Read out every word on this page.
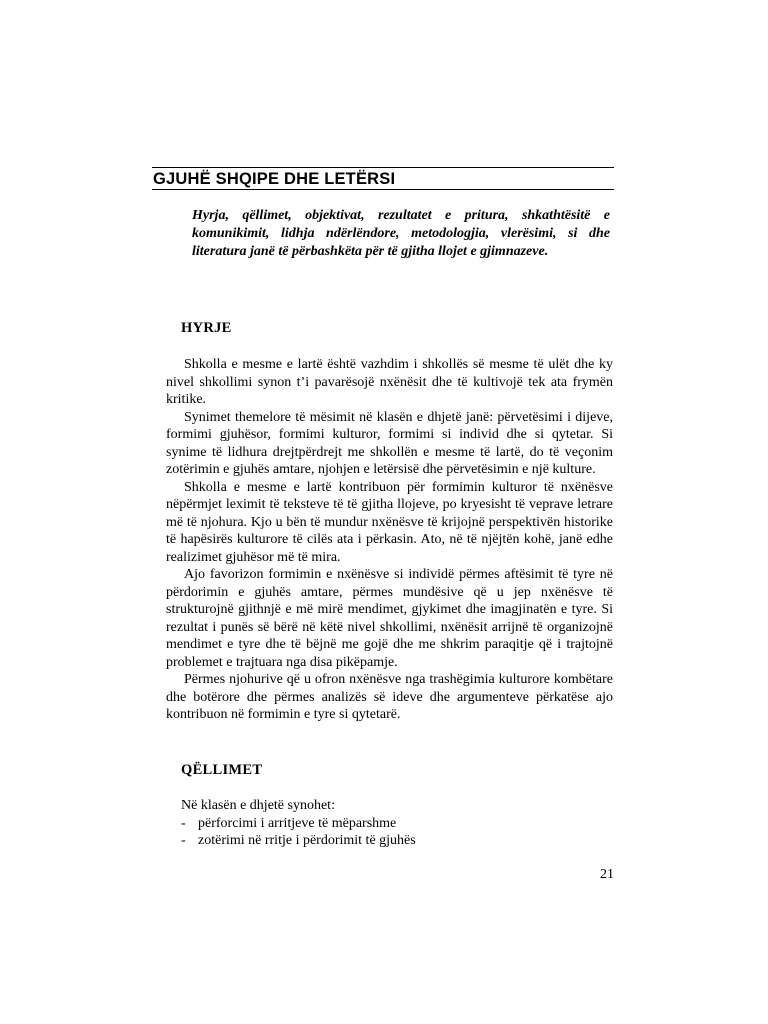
GJUHË SHQIPE DHE LETËRSI
Hyrja, qëllimet, objektivat, rezultatet e pritura, shkathtësitë e komunikimit, lidhja ndërlëndore, metodologjia, vlerësimi, si dhe literatura janë të përbashkëta për të gjitha llojet e gjimnazeve.
HYRJE

Shkolla e mesme e lartë është vazhdim i shkollës së mesme të ulët dhe ky nivel shkollimi synon t’i pavarësojë nxënësit dhe të kultivojë tek ata frymën kritike.

Synimet themelore të mësimit në klasën e dhjetë janë: përvetësimi i dijeve, formimi gjuhësor, formimi kulturor, formimi si individ dhe si qytetar. Si synime të lidhura drejtpërdrejt me shkollën e mesme të lartë, do të veçonim zotërimin e gjuhës amtare, njohjen e letërsisë dhe përvetësimin e një kulture.

Shkolla e mesme e lartë kontribuon për formimin kulturor të nxënësve nëpërmjet leximit të teksteve të të gjitha llojeve, po kryesisht të veprave letrare më të njohura. Kjo u bën të mundur nxënësve të krijojnë perspektivën historike të hapësirës kulturore të cilës ata i përkasin. Ato, në të njëjtën kohë, janë edhe realizimet gjuhësor më të mira.

Ajo favorizon formimin e nxënësve si individë përmes aftësimit të tyre në përdorimin e gjuhës amtare, përmes mundësive që u jep nxënësve të strukturojnë gjithnjë e më mirë mendimet, gjykimet dhe imagjinatën e tyre. Si rezultat i punës së bërë në këtë nivel shkollimi, nxënësit arrijnë të organizojnë mendimet e tyre dhe të bëjnë me gojë dhe me shkrim paraqitje që i trajtojnë problemet e trajtuara nga disa pikëpamje.

Përmes njohurive që u ofron nxënësve nga trashëgimia kulturore kombëtare dhe botërore dhe përmes analizës së ideve dhe argumenteve përkatëse ajo kontribuon në formimin e tyre si qytetarë.

QËLLIMET

Në klasën e dhjetë synohet:

- përforcimi i arritjeve të mëparshme
- zotërimi në rritje i përdorimit të gjuhës
21
